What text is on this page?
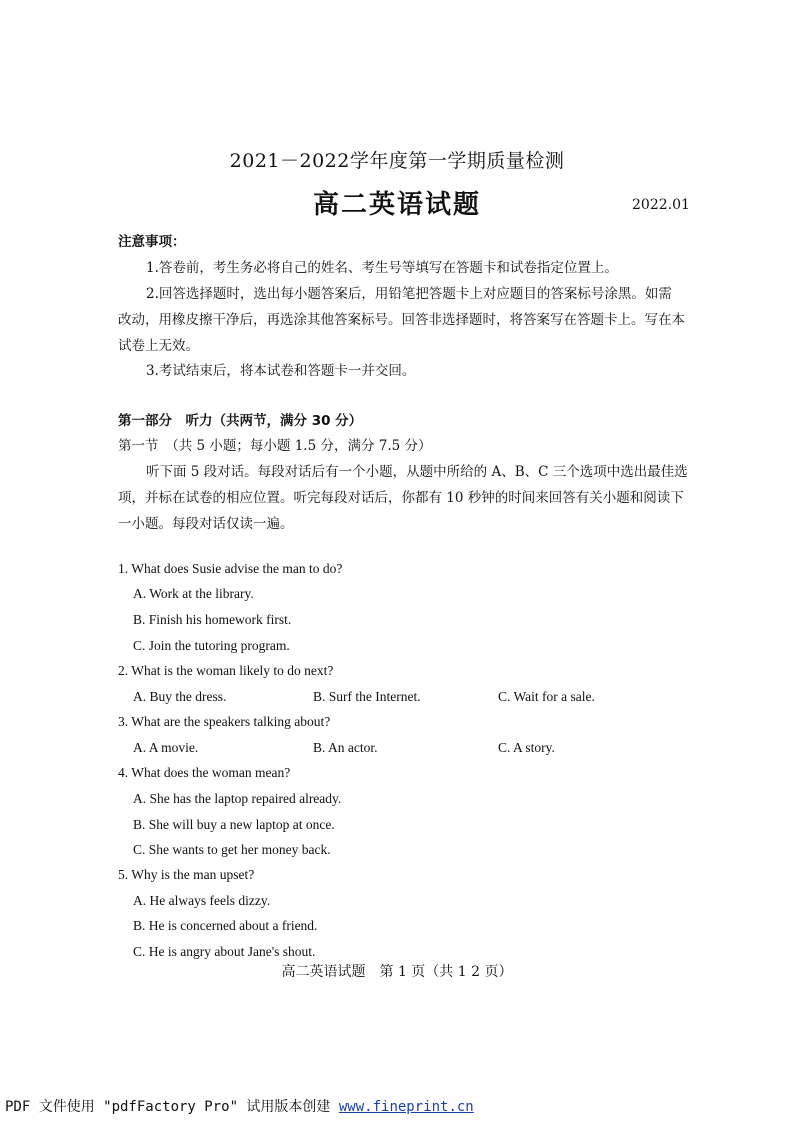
2021－2022学年度第一学期质量检测
高二英语试题	2022.01
注意事项：
1.答卷前，考生务必将自己的姓名、考生号等填写在答题卡和试卷指定位置上。
2.回答选择题时，选出每小题答案后，用铅笔把答题卡上对应题目的答案标号涂黑。如需
改动，用橡皮擦干净后，再选涂其他答案标号。回答非选择题时，将答案写在答题卡上。写在本
试卷上无效。
3.考试结束后，将本试卷和答题卡一并交回。
第一部分　听力（共两节，满分 30 分）
第一节　（共 5 小题；每小题 1.5 分，满分 7.5 分）
听下面 5 段对话。每段对话后有一个小题，从题中所给的 A、B、C 三个选项中选出最佳选
项，并标在试卷的相应位置。听完每段对话后，你都有 10 秒钟的时间来回答有关小题和阅读下
一小题。每段对话仅读一遍。
1. What does Susie advise the man to do?
A. Work at the library.
B. Finish his homework first.
C. Join the tutoring program.
2. What is the woman likely to do next?
A. Buy the dress.	B. Surf the Internet.	C. Wait for a sale.
3. What are the speakers talking about?
A. A movie.	B. An actor.	C. A story.
4. What does the woman mean?
A. She has the laptop repaired already.
B. She will buy a new laptop at once.
C. She wants to get her money back.
5. Why is the man upset?
A. He always feels dizzy.
B. He is concerned about a friend.
C. He is angry about Jane's shout.
高二英语试题　第 1 页（共 1 2 页）
PDF 文件使用 "pdfFactory Pro" 试用版本创建 www.fineprint.cn
